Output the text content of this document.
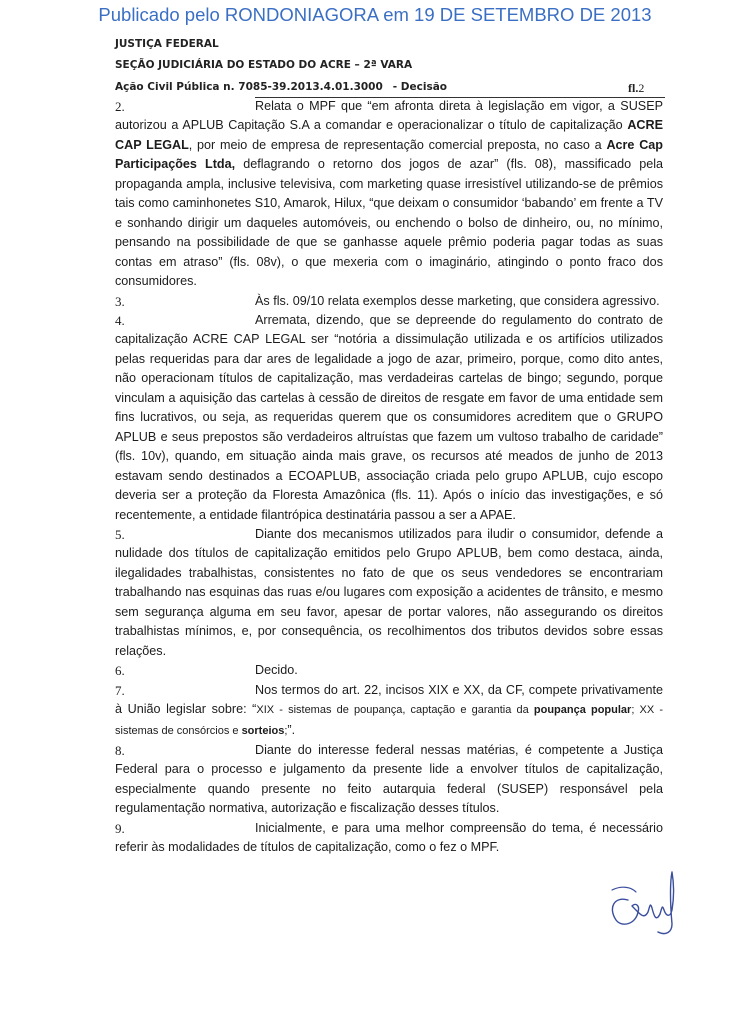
Publicado pelo RONDONIAGORA em 19 DE SETEMBRO DE 2013
JUSTIÇA FEDERAL
SEÇÃO JUDICIÁRIA DO ESTADO DO ACRE – 2ª VARA
Ação Civil Pública n. 7085-39.2013.4.01.3000 - Decisão	fl.2

2.	Relata o MPF que “em afronta direta à legislação em vigor, a SUSEP autorizou a APLUB Capitação S.A a comandar e operacionalizar o título de capitalização ACRE CAP LEGAL, por meio de empresa de representação comercial preposta, no caso a Acre Cap Participações Ltda, deflagrando o retorno dos jogos de azar” (fls. 08), massificado pela propaganda ampla, inclusive televisiva, com marketing quase irresistível utilizando-se de prêmios tais como caminhonetes S10, Amarok, Hilux, “que deixam o consumidor ‘babando’ em frente a TV e sonhando dirigir um daqueles automóveis, ou enchendo o bolso de dinheiro, ou, no mínimo, pensando na possibilidade de que se ganhasse aquele prêmio poderia pagar todas as suas contas em atraso” (fls. 08v), o que mexeria com o imaginário, atingindo o ponto fraco dos consumidores.

3.	Às fls. 09/10 relata exemplos desse marketing, que considera agressivo.

4.	Arremata, dizendo, que se depreende do regulamento do contrato de capitalização ACRE CAP LEGAL ser “notória a dissimulação utilizada e os artifícios utilizados pelas requeridas para dar ares de legalidade a jogo de azar, primeiro, porque, como dito antes, não operacionam títulos de capitalização, mas verdadeiras cartelas de bingo; segundo, porque vinculam a aquisição das cartelas à cessão de direitos de resgate em favor de uma entidade sem fins lucrativos, ou seja, as requeridas querem que os consumidores acreditem que o GRUPO APLUB e seus prepostos são verdadeiros altruístas que fazem um vultoso trabalho de caridade” (fls. 10v), quando, em situação ainda mais grave, os recursos até meados de junho de 2013 estavam sendo destinados a ECOAPLUB, associação criada pelo grupo APLUB, cujo escopo deveria ser a proteção da Floresta Amazônica (fls. 11). Após o início das investigações, e só recentemente, a entidade filantrópica destinatária passou a ser a APAE.

5.	Diante dos mecanismos utilizados para iludir o consumidor, defende a nulidade dos títulos de capitalização emitidos pelo Grupo APLUB, bem como destaca, ainda, ilegalidades trabalhistas, consistentes no fato de que os seus vendedores se encontrariam trabalhando nas esquinas das ruas e/ou lugares com exposição a acidentes de trânsito, e mesmo sem segurança alguma em seu favor, apesar de portar valores, não assegurando os direitos trabalhistas mínimos, e, por consequência, os recolhimentos dos tributos devidos sobre essas relações.

6.	Decido.

7.	Nos termos do art. 22, incisos XIX e XX, da CF, compete privativamente à União legislar sobre: “XIX - sistemas de poupança, captação e garantia da poupança popular; XX - sistemas de consórcios e sorteios;”.

8.	Diante do interesse federal nessas matérias, é competente a Justiça Federal para o processo e julgamento da presente lide a envolver títulos de capitalização, especialmente quando presente no feito autarquia federal (SUSEP) responsável pela regulamentação normativa, autorização e fiscalização desses títulos.

9.	Inicialmente, e para uma melhor compreensão do tema, é necessário referir às modalidades de títulos de capitalização, como o fez o MPF.
